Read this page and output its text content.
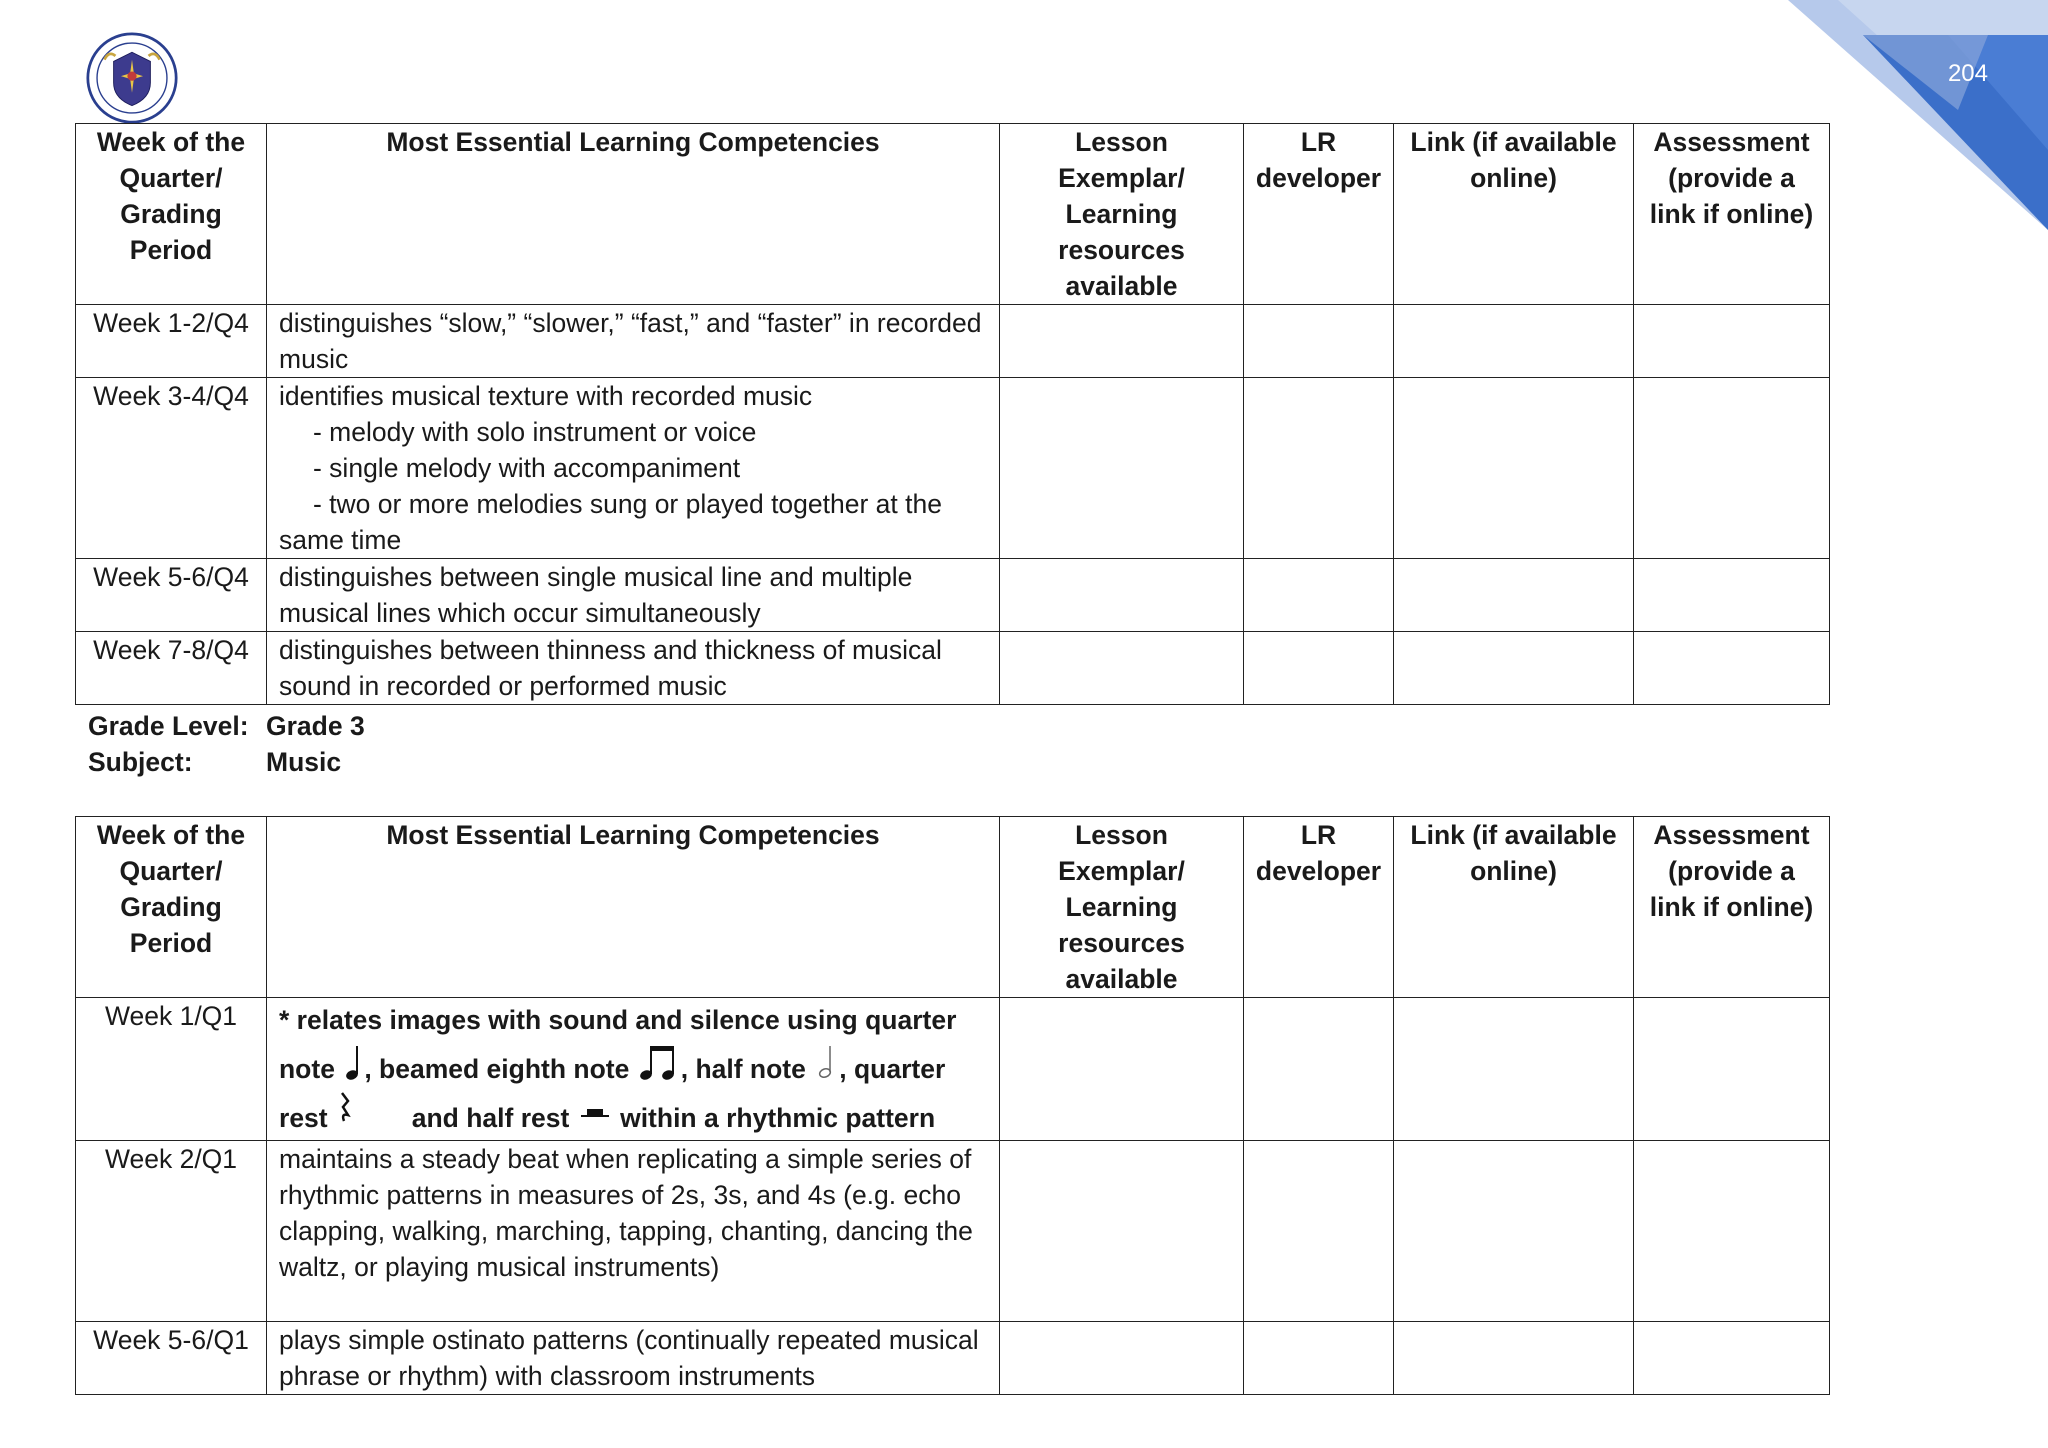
204
Week of the Quarter/ Grading Period	Most Essential Learning Competencies	Lesson Exemplar/ Learning resources available	LR developer	Link (if available online)	Assessment (provide a link if online)
Week 1-2/Q4	distinguishes “slow,” “slower,” “fast,” and “faster” in recorded music				
Week 3-4/Q4	identifies musical texture with recorded music
- melody with solo instrument or voice
- single melody with accompaniment
- two or more melodies sung or played together at the
same time				
Week 5-6/Q4	distinguishes between single musical line and multiple musical lines which occur simultaneously				
Week 7-8/Q4	distinguishes between thinness and thickness of musical sound in recorded or performed music				
Grade Level: Grade 3
Subject:	Music
Week of the Quarter/ Grading Period	Most Essential Learning Competencies	Lesson Exemplar/ Learning resources available	LR developer	Link (if available online)	Assessment (provide a link if online)
Week 1/Q1	* relates images with sound and silence using quarter
note , beamed eighth note , half note , quarter
rest and half rest within a rhythmic pattern				
Week 2/Q1	maintains a steady beat when replicating a simple series of rhythmic patterns in measures of 2s, 3s, and 4s (e.g. echo clapping, walking, marching, tapping, chanting, dancing the waltz, or playing musical instruments)				
Week 5-6/Q1	plays simple ostinato patterns (continually repeated musical phrase or rhythm) with classroom instruments				
